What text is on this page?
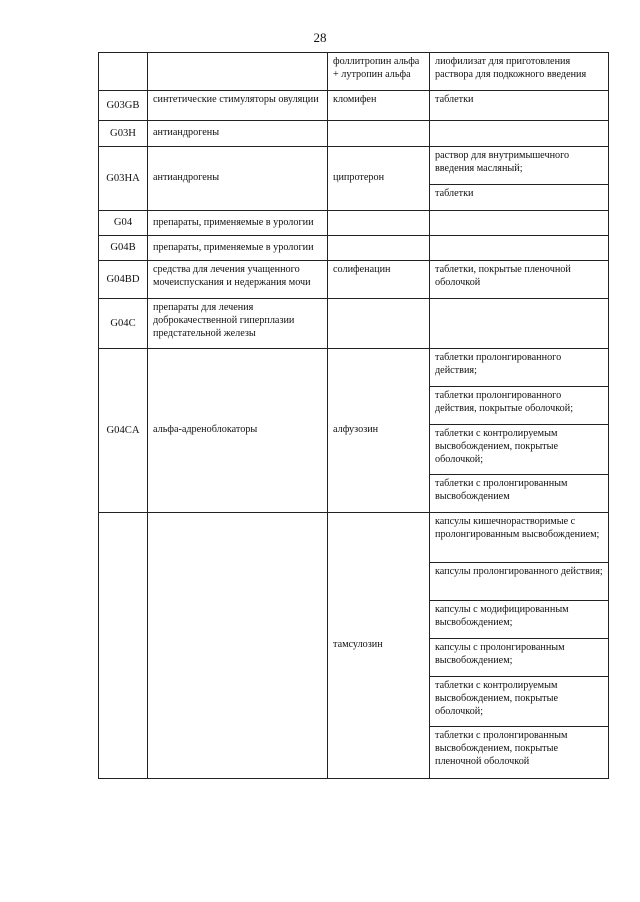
28
		фоллитропин альфа + лутропин альфа	лиофилизат для приготовления раствора для подкожного введения
G03GB	синтетические стимуляторы овуляции	кломифен	таблетки
G03H	антиандрогены		
G03HA	антиандрогены	ципротерон	раствор для внутримышечного введения масляный;
			таблетки
G04	препараты, применяемые в урологии		
G04B	препараты, применяемые в урологии		
G04BD	средства для лечения учащенного мочеиспускания и недержания мочи	солифенацин	таблетки, покрытые пленочной оболочкой
G04C	препараты для лечения доброкачественной гиперплазии предстательной железы		
G04CA	альфа-адреноблокаторы	алфузозин	таблетки пролонгированного действия;
			таблетки пролонгированного действия, покрытые оболочкой;
			таблетки с контролируемым высвобождением, покрытые оболочкой;
			таблетки с пролонгированным высвобождением
		тамсулозин	капсулы кишечнорастворимые с пролонгированным высвобождением;
			капсулы пролонгированного действия;
			капсулы с модифицированным высвобождением;
			капсулы с пролонгированным высвобождением;
			таблетки с контролируемым высвобождением, покрытые оболочкой;
			таблетки с пролонгированным высвобождением, покрытые пленочной оболочкой
